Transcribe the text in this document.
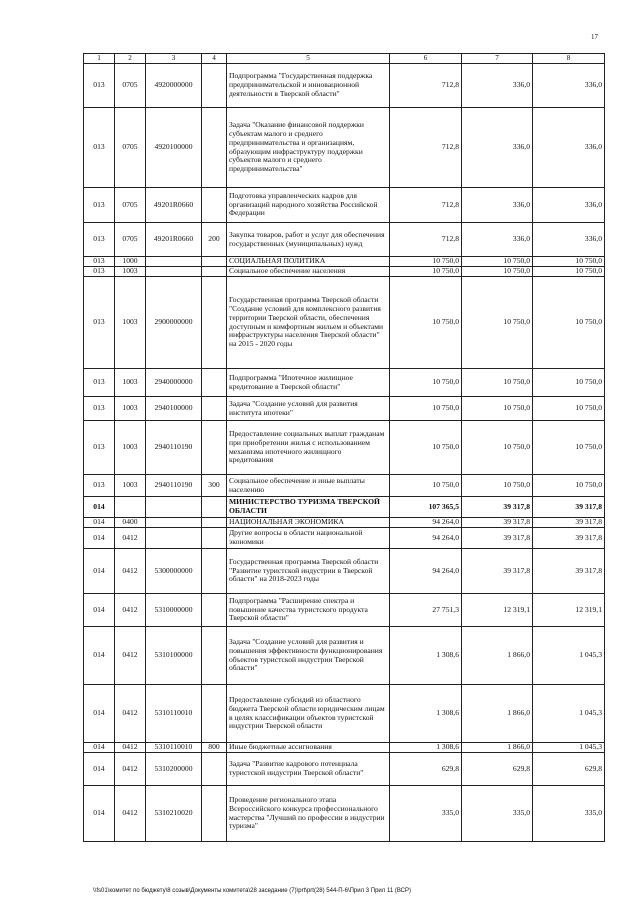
17
1	2	3	4	5	6	7	8
013	0705	4920000000		Подпрограмма "Государственная поддержка предпринимательской и инновационной деятельности в Тверской области"	712,8	336,0	336,0
013	0705	4920100000		Задача "Оказание финансовой поддержки субъектам малого и среднего предпринимательства и организациям, образующим инфраструктуру поддержки субъектов малого и среднего предпринимательства"	712,8	336,0	336,0
013	0705	49201R0660		Подготовка управленческих кадров для организаций народного хозяйства Российской Федерации	712,8	336,0	336,0
013	0705	49201R0660	200	Закупка товаров, работ и услуг для обеспечения государственных (муниципальных) нужд	712,8	336,0	336,0
013	1000			СОЦИАЛЬНАЯ ПОЛИТИКА	10 750,0	10 750,0	10 750,0
013	1003			Социальное обеспечение населения	10 750,0	10 750,0	10 750,0
013	1003	2900000000		Государственная программа Тверской области "Создание условий для комплексного развития территории Тверской области, обеспечения доступным и комфортным жильем и объектами инфраструктуры населения Тверской области" на 2015 - 2020 годы	10 750,0	10 750,0	10 750,0
013	1003	2940000000		Подпрограмма "Ипотечное жилищное кредитование в Тверской области"	10 750,0	10 750,0	10 750,0
013	1003	2940100000		Задача "Создание условий для развития института ипотеки"	10 750,0	10 750,0	10 750,0
013	1003	2940110190		Предоставление социальных выплат гражданам при приобретении жилья с использованием механизма ипотечного жилищного кредитования	10 750,0	10 750,0	10 750,0
013	1003	2940110190	300	Социальное обеспечение и иные выплаты населению	10 750,0	10 750,0	10 750,0
014				МИНИСТЕРСТВО ТУРИЗМА ТВЕРСКОЙ ОБЛАСТИ	107 365,5	39 317,8	39 317,8
014	0400			НАЦИОНАЛЬНАЯ ЭКОНОМИКА	94 264,0	39 317,8	39 317,8
014	0412			Другие вопросы в области национальной экономики	94 264,0	39 317,8	39 317,8
014	0412	5300000000		Государственная программа Тверской области "Развитие туристской индустрии в Тверской области" на 2018-2023 годы	94 264,0	39 317,8	39 317,8
014	0412	5310000000		Подпрограмма "Расширение спектра и повышение качества туристского продукта Тверской области"	27 751,3	12 319,1	12 319,1
014	0412	5310100000		Задача "Создание условий для развития и повышения эффективности функционирования объектов туристской индустрии Тверской области"	1 308,6	1 866,0	1 045,3
014	0412	5310110010		Предоставление субсидий из областного бюджета Тверской области юридическим лицам в целях классификации объектов туристской индустрии Тверской области	1 308,6	1 866,0	1 045,3
014	0412	5310110010	800	Иные бюджетные ассигнования	1 308,6	1 866,0	1 045,3
014	0412	5310200000		Задача "Развитие кадрового потенциала туристской индустрии Тверской области"	629,8	629,8	629,8
014	0412	5310210020		Проведение регионального этапа Всероссийского конкурса профессионального мастерства "Лучший по профессии в индустрии туризма"	335,0	335,0	335,0
\\fs01\комитет по бюджету\8 созыв\Документы комитета\28 заседание (7)\prt\prt(28) 544-П-6\Прил 3 Прил 11 (ВСР)
